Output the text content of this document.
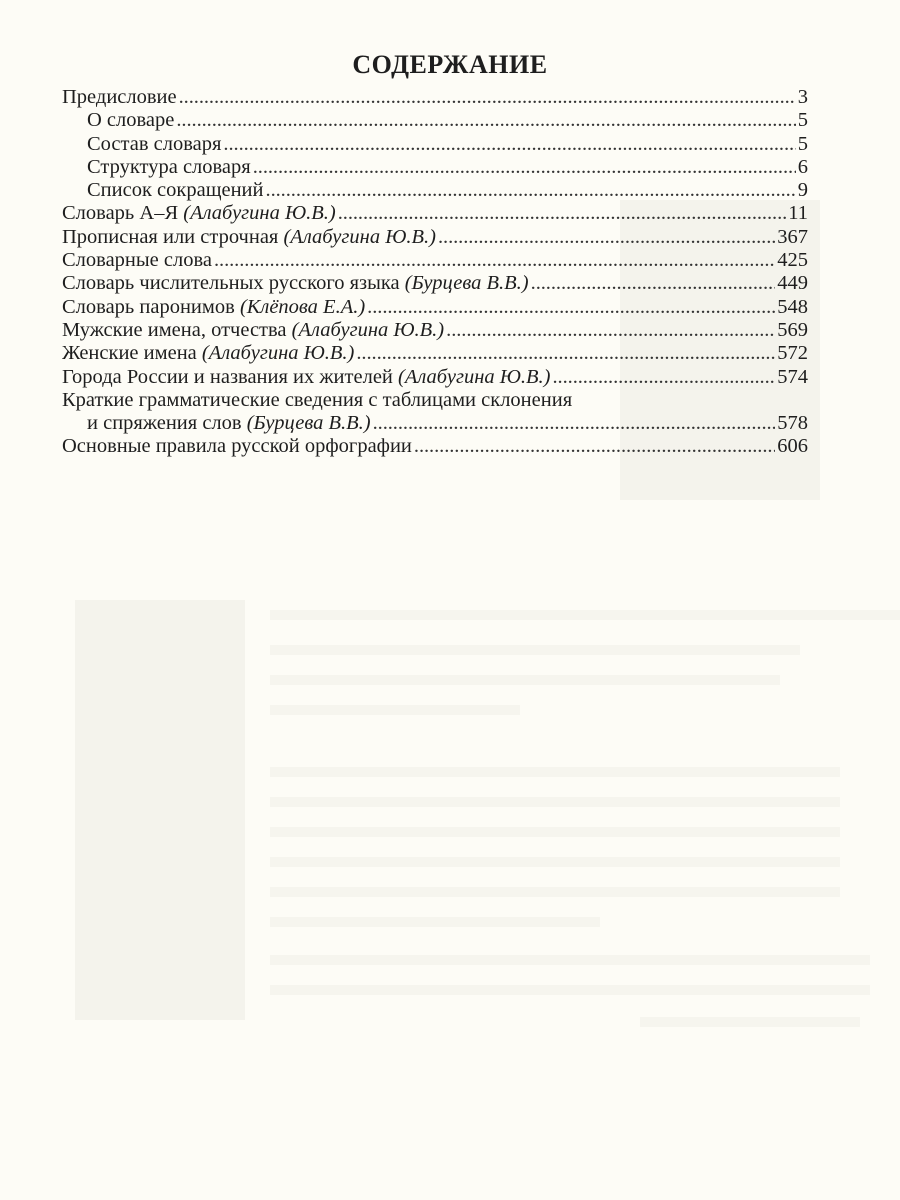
СОДЕРЖАНИЕ
Предисловие . . .	3
О словаре . . .	5
Состав словаря . . .	5
Структура словаря . . .	6
Список сокращений . . .	9
Словарь А–Я (Алабугина Ю.В.) . . .	11
Прописная или строчная (Алабугина Ю.В.) . . .	367
Словарные слова . . .	425
Словарь числительных русского языка (Бурцева В.В.) . . .	449
Словарь паронимов (Клёпова Е.А.) . . .	548
Мужские имена, отчества (Алабугина Ю.В.) . . .	569
Женские имена (Алабугина Ю.В.) . . .	572
Города России и названия их жителей (Алабугина Ю.В.) . . .	574
Краткие грамматические сведения с таблицами склонения
и спряжения слов (Бурцева В.В.) . . .	578
Основные правила русской орфографии . . .	606
